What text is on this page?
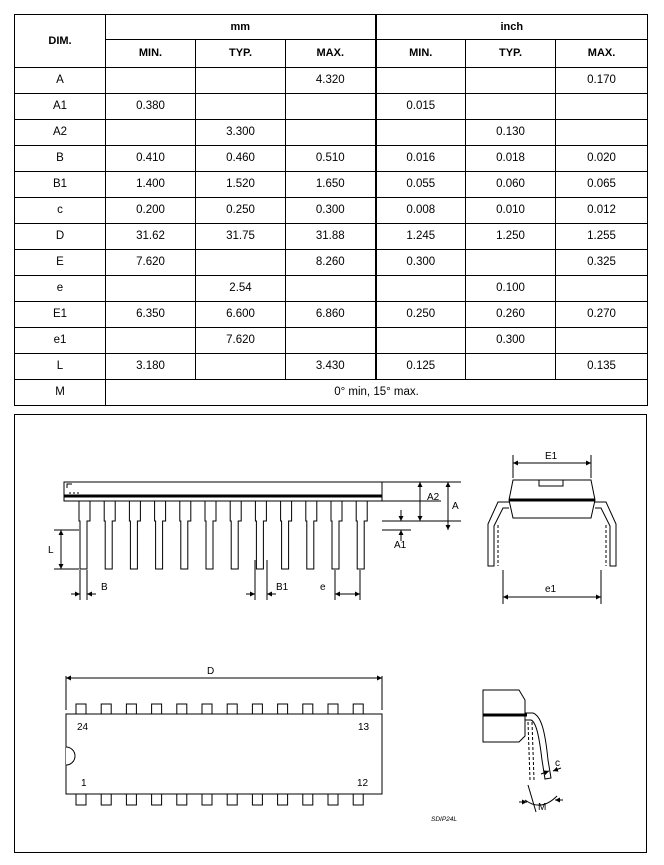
DIM.	mm			inch		
	MIN.	TYP.	MAX.	MIN.	TYP.	MAX.
A			4.320			0.170
A1	0.380			0.015		
A2		3.300			0.130	
B	0.410	0.460	0.510	0.016	0.018	0.020
B1	1.400	1.520	1.650	0.055	0.060	0.065
c	0.200	0.250	0.300	0.008	0.010	0.012
D	31.62	31.75	31.88	1.245	1.250	1.255
E	7.620		8.260	0.300		0.325
e		2.54			0.100	
E1	6.350	6.600	6.860	0.250	0.260	0.270
e1		7.620			0.300	
L	3.180		3.430	0.125		0.135
M	0° min, 15° max.					
A2
A
A1
L
B	B1	e
E1
e1
D
24	13
1	12
SDIP24L
c
M
